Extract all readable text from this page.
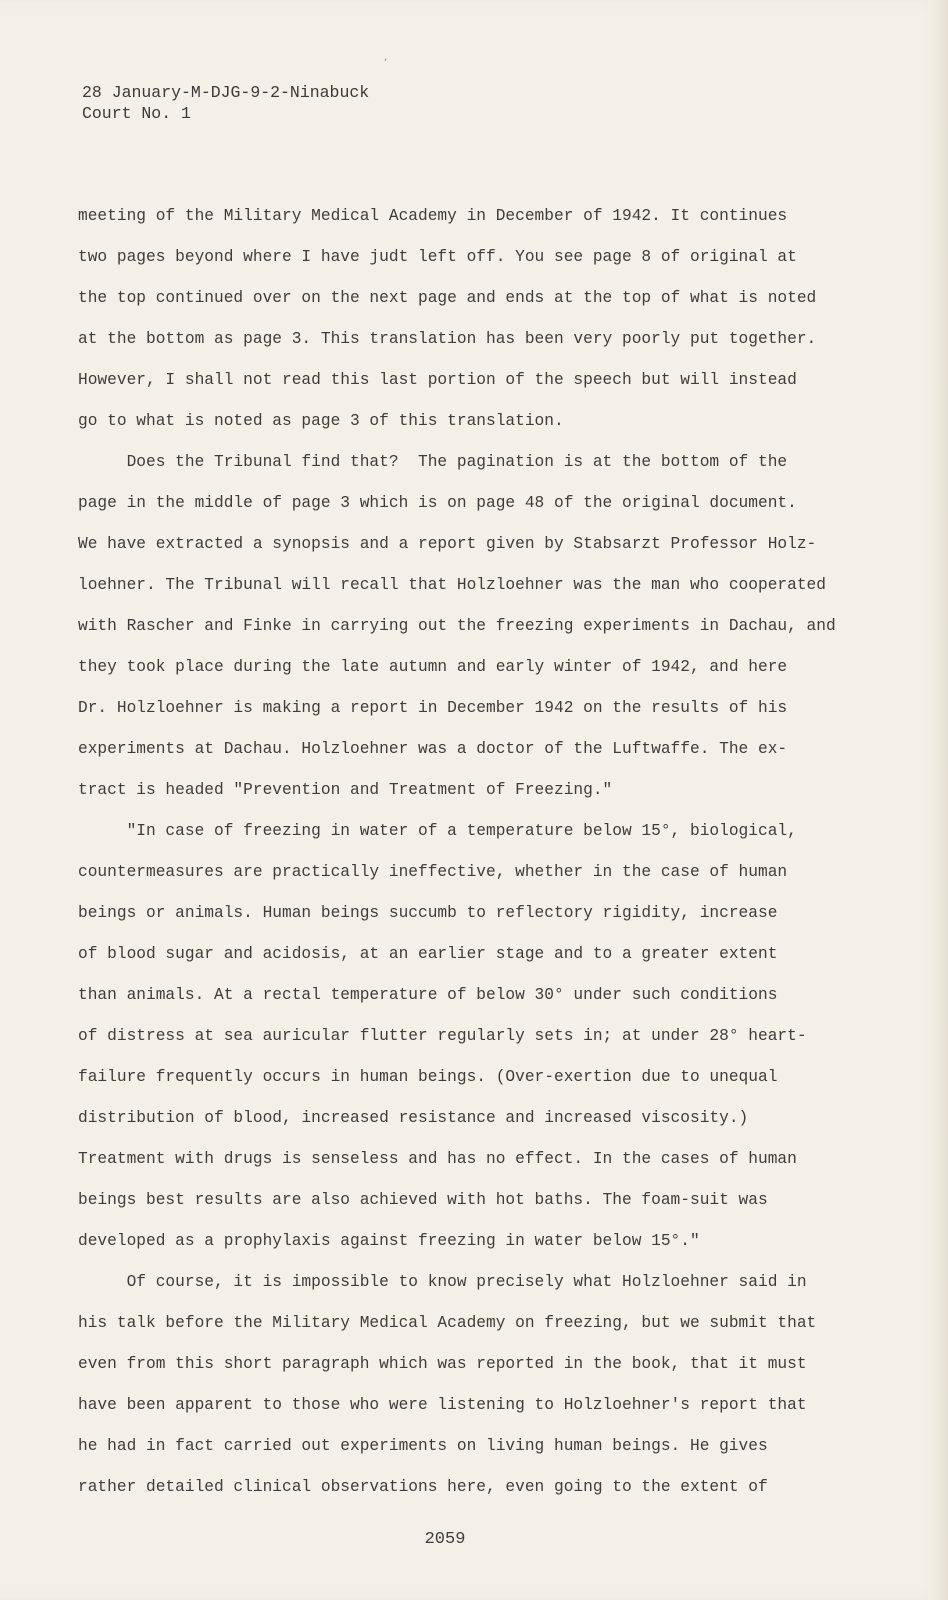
28 January-M-DJG-9-2-Ninabuck
Court No. 1
,
meeting of the Military Medical Academy in December of 1942. It continues
two pages beyond where I have judt left off. You see page 8 of original at
the top continued over on the next page and ends at the top of what is noted
at the bottom as page 3. This translation has been very poorly put together.
However, I shall not read this last portion of the speech but will instead
go to what is noted as page 3 of this translation.
Does the Tribunal find that?  The pagination is at the bottom of the
page in the middle of page 3 which is on page 48 of the original document.
We have extracted a synopsis and a report given by Stabsarzt Professor Holz-
loehner. The Tribunal will recall that Holzloehner was the man who cooperated
with Rascher and Finke in carrying out the freezing experiments in Dachau, and
they took place during the late autumn and early winter of 1942, and here
Dr. Holzloehner is making a report in December 1942 on the results of his
experiments at Dachau. Holzloehner was a doctor of the Luftwaffe. The ex-
tract is headed "Prevention and Treatment of Freezing."
"In case of freezing in water of a temperature below 15°, biological,
countermeasures are practically ineffective, whether in the case of human
beings or animals. Human beings succumb to reflectory rigidity, increase
of blood sugar and acidosis, at an earlier stage and to a greater extent
than animals. At a rectal temperature of below 30° under such conditions
of distress at sea auricular flutter regularly sets in; at under 28° heart-
failure frequently occurs in human beings. (Over-exertion due to unequal
distribution of blood, increased resistance and increased viscosity.)
Treatment with drugs is senseless and has no effect. In the cases of human
beings best results are also achieved with hot baths. The foam-suit was
developed as a prophylaxis against freezing in water below 15°."
Of course, it is impossible to know precisely what Holzloehner said in
his talk before the Military Medical Academy on freezing, but we submit that
even from this short paragraph which was reported in the book, that it must
have been apparent to those who were listening to Holzloehner's report that
he had in fact carried out experiments on living human beings. He gives
rather detailed clinical observations here, even going to the extent of
2059
